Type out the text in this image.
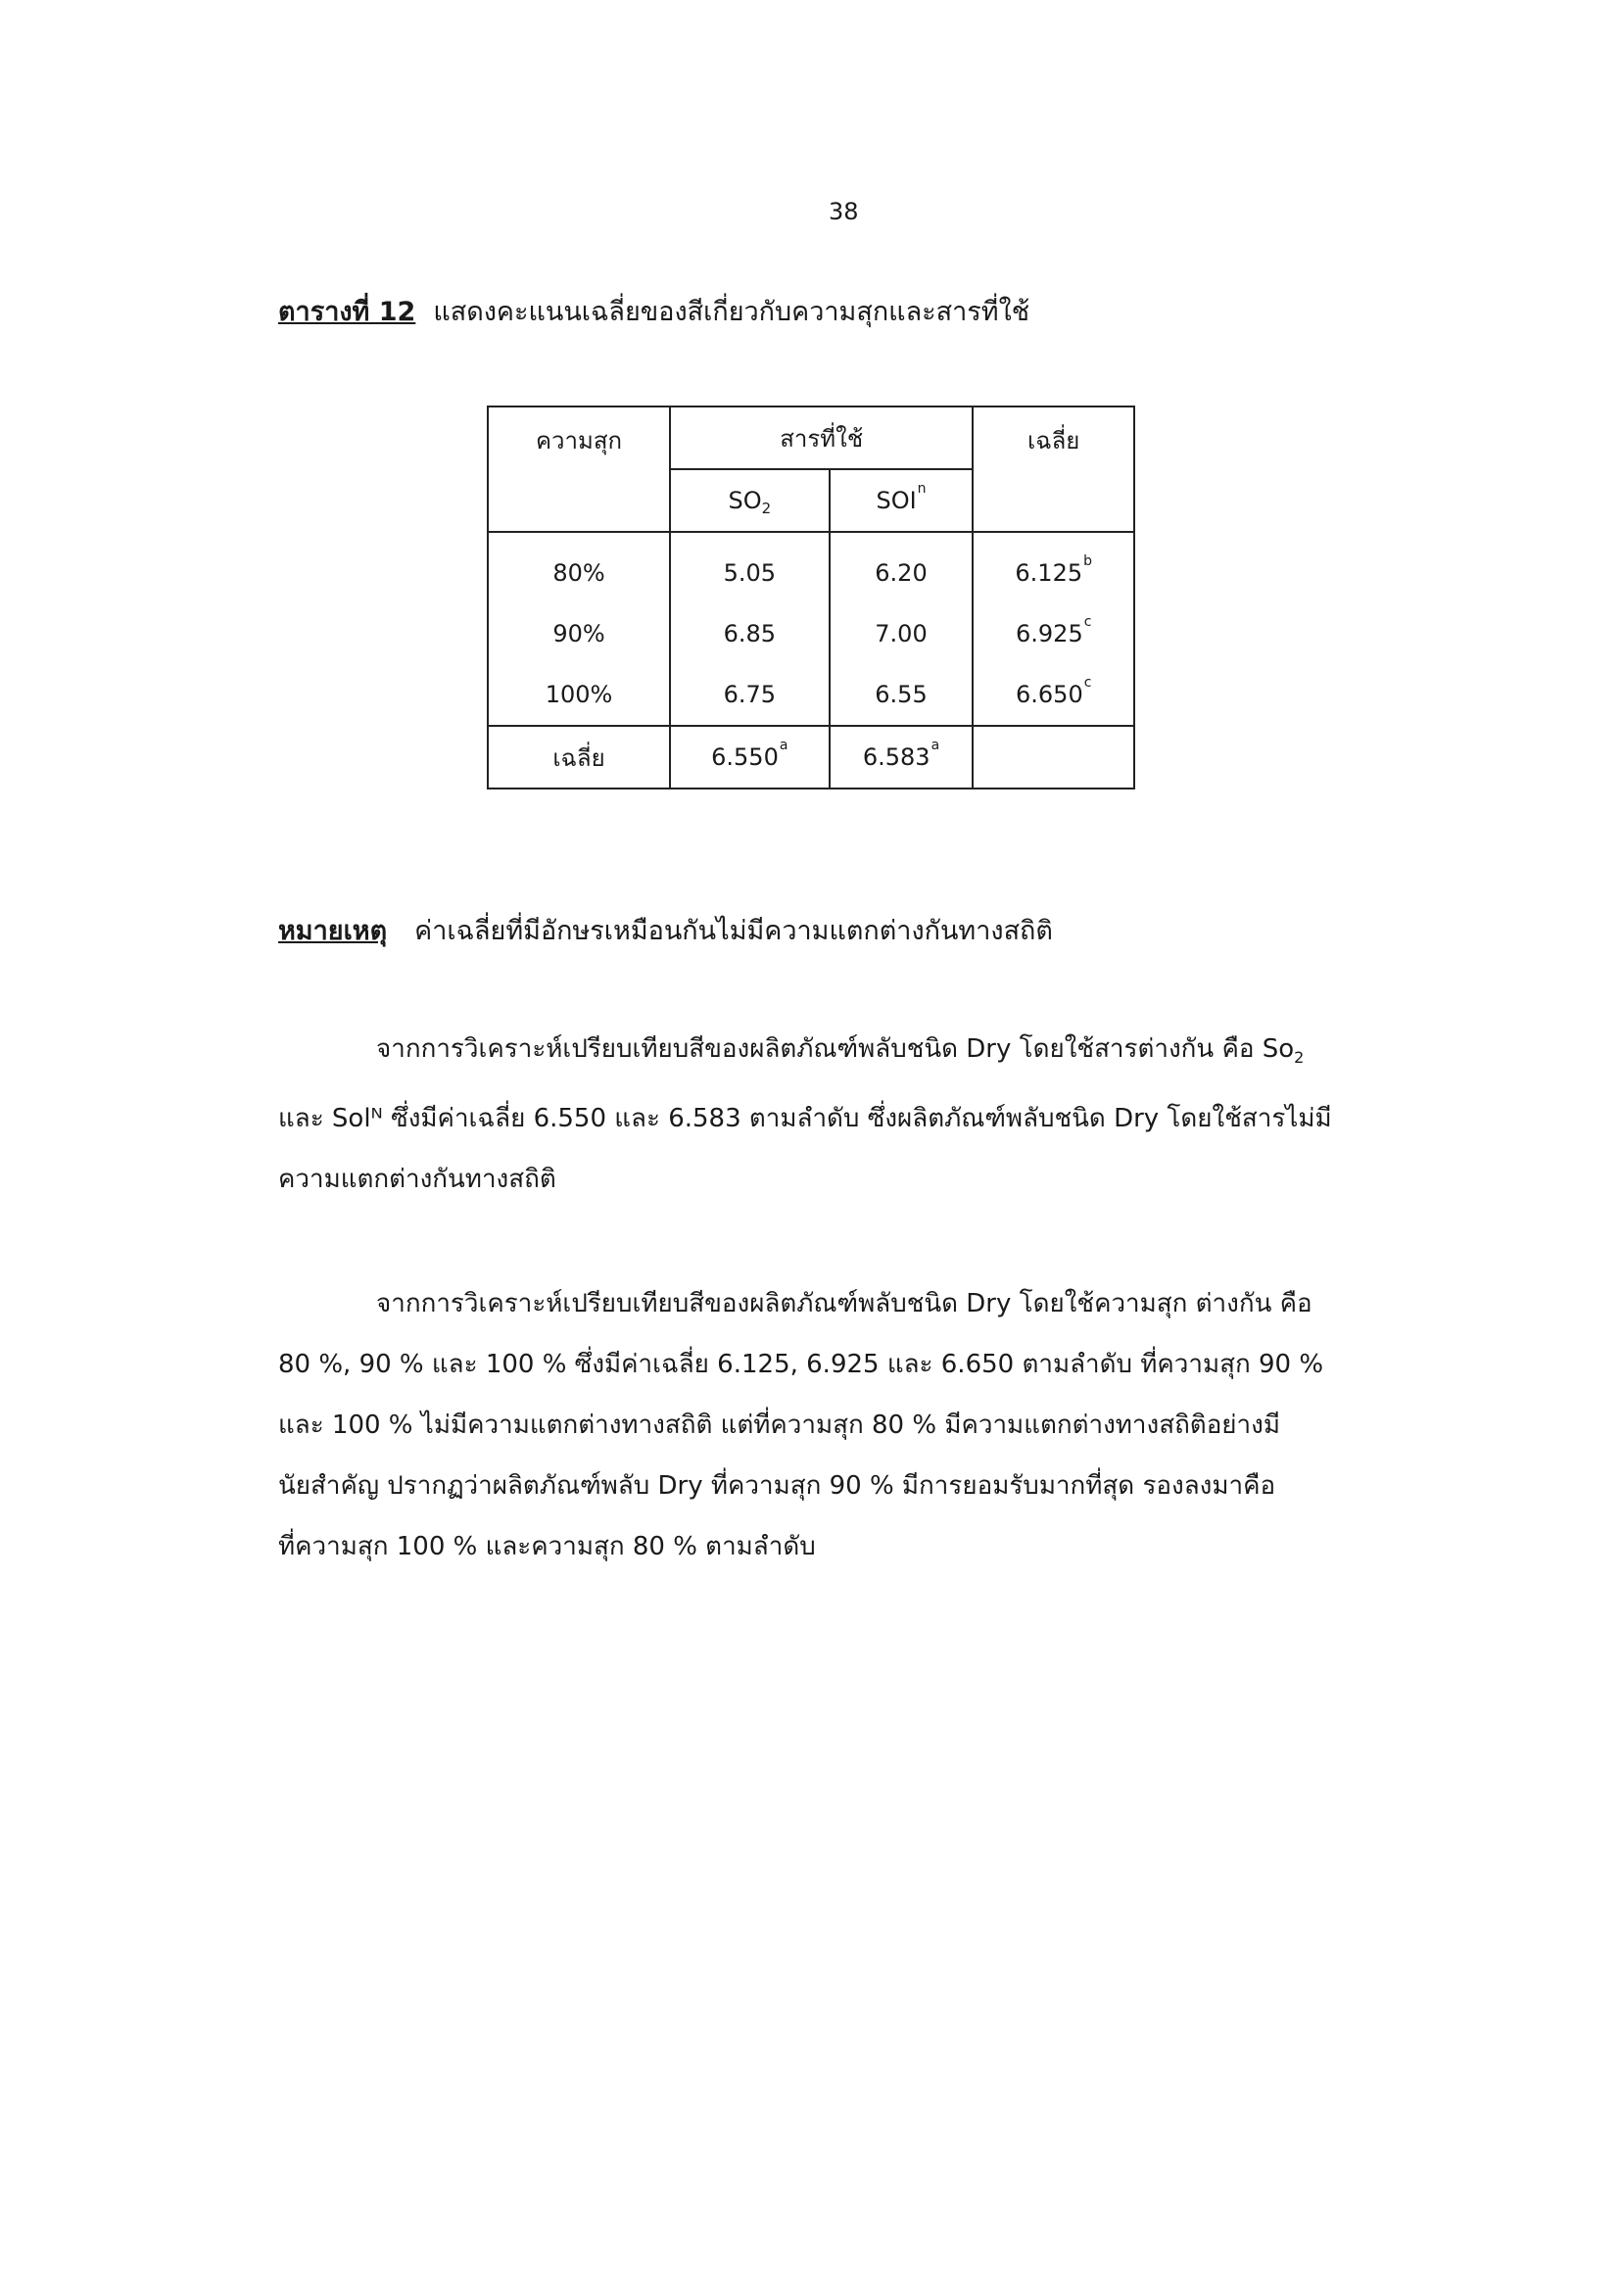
38
ตารางที่ 12 แสดงคะแนนเฉลี่ยของสีเกี่ยวกับความสุกและสารที่ใช้
ความสุก	สารที่ใช้		เฉลี่ย
	$SO_2$	SOI$^n$
80%	5.05	6.20	6.125$^b$
90%	6.85	7.00	6.925$^c$
100%	6.75	6.55	6.650$^c$
เฉลี่ย	6.550$^a$	6.583$^a$	
หมายเหตุ ค่าเฉลี่ยที่มีอักษรเหมือนกันไม่มีความแตกต่างกันทางสถิติ

จากการวิเคราะห์เปรียบเทียบสีของผลิตภัณฑ์พลับชนิด Dry โดยใช้สารต่างกัน คือ $So_2$

และ Solᴺ ซึ่งมีค่าเฉลี่ย 6.550 และ 6.583 ตามลำดับ ซึ่งผลิตภัณฑ์พลับชนิด Dry โดยใช้สารไม่มี

ความแตกต่างกันทางสถิติ

จากการวิเคราะห์เปรียบเทียบสีของผลิตภัณฑ์พลับชนิด Dry โดยใช้ความสุก ต่างกัน คือ

80 %, 90 % และ 100 % ซึ่งมีค่าเฉลี่ย 6.125, 6.925 และ 6.650 ตามลำดับ ที่ความสุก 90 %

และ 100 % ไม่มีความแตกต่างทางสถิติ แต่ที่ความสุก 80 % มีความแตกต่างทางสถิติอย่างมี

นัยสำคัญ ปรากฏว่าผลิตภัณฑ์พลับ Dry ที่ความสุก 90 % มีการยอมรับมากที่สุด รองลงมาคือ

ที่ความสุก 100 % และความสุก 80 % ตามลำดับ
